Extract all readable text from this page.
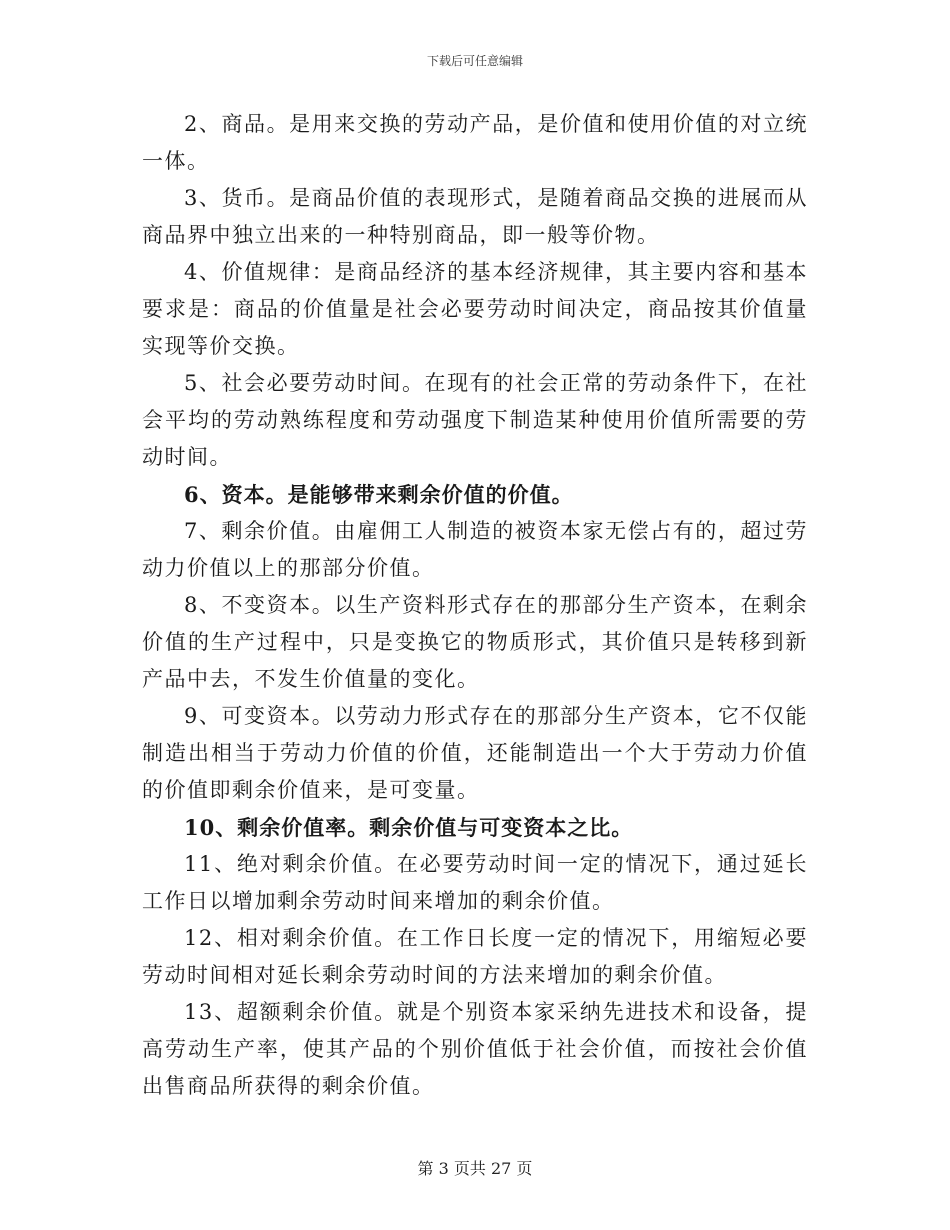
下载后可任意编辑

2、商品。是用来交换的劳动产品，是价值和使用价值的对立统一体。

3、货币。是商品价值的表现形式，是随着商品交换的进展而从商品界中独立出来的一种特别商品，即一般等价物。

4、价值规律：是商品经济的基本经济规律，其主要内容和基本要求是：商品的价值量是社会必要劳动时间决定，商品按其价值量实现等价交换。

5、社会必要劳动时间。在现有的社会正常的劳动条件下，在社会平均的劳动熟练程度和劳动强度下制造某种使用价值所需要的劳动时间。

6、资本。是能够带来剩余价值的价值。

7、剩余价值。由雇佣工人制造的被资本家无偿占有的，超过劳动力价值以上的那部分价值。

8、不变资本。以生产资料形式存在的那部分生产资本，在剩余价值的生产过程中，只是变换它的物质形式，其价值只是转移到新产品中去，不发生价值量的变化。

9、可变资本。以劳动力形式存在的那部分生产资本，它不仅能制造出相当于劳动力价值的价值，还能制造出一个大于劳动力价值的价值即剩余价值来，是可变量。

10、剩余价值率。剩余价值与可变资本之比。

11、绝对剩余价值。在必要劳动时间一定的情况下，通过延长工作日以增加剩余劳动时间来增加的剩余价值。

12、相对剩余价值。在工作日长度一定的情况下，用缩短必要劳动时间相对延长剩余劳动时间的方法来增加的剩余价值。

13、超额剩余价值。就是个别资本家采纳先进技术和设备，提高劳动生产率，使其产品的个别价值低于社会价值，而按社会价值出售商品所获得的剩余价值。

第 3 页共 27 页
